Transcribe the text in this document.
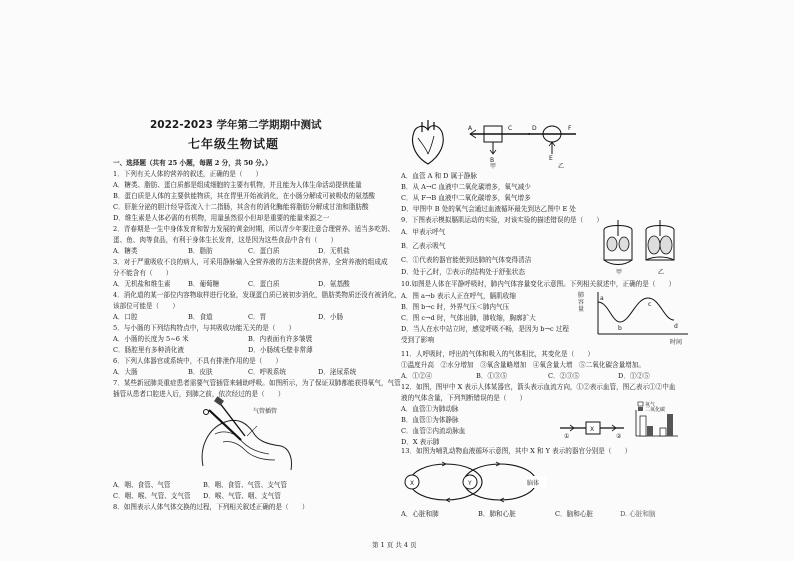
2022-2023 学年第二学期期中测试
七年级生物试题
一、选择题（共有 25 小题，每题 2 分，共 50 分。）
1．下列有关人体的营养的叙述，正确的是（　　）
A．糖类、脂肪、蛋白质都是组成细胞的主要有机物，并且能为人体生命活动提供能量
B．蛋白质是人体的主要供能物质，其在胃里开始被消化，在小肠分解成可被吸收的氨基酸
C．肝脏分泌的胆汁经导管流入十二指肠，其含有的消化酶能将脂肪分解成甘油和脂肪酸
D．维生素是人体必需的有机物，用量虽然很小但却是重要的能量来源之一
2．青春期是一生中身体发育和智力发展的黄金时期，所以青少年要注意合理营养。适当多吃奶、
蛋、鱼、肉等食品，有利于身体生长发育，这是因为这些食品中含有（　　）
A．糖类	B．脂肪	C．蛋白质	D．无机盐
3．对于严重吸收不良的病人，可采用静脉输入全营养液的方法来提供营养，全营养液的组成成
分不能含有（　　）
A．无机盐和维生素	B．葡萄糖	C．蛋白质	D．氨基酸
4．消化道的某一部位内容物取样进行化验，发现蛋白质已被初步消化，脂肪类物质还没有被消化，
该部位可能是（　　）
A．口腔	B．食道	C．胃	D．小肠
5．与小肠的下列结构特点中，与其吸收功能无关的是（　　）
A．小肠的长度为 5~6 米	B．内表面有许多皱襞
C．肠腔里有多种消化液	D．小肠绒毛壁非常薄
6．下列人体器官或系统中，不具有排泄作用的是（　　）
A．大肠	B．皮肤	C．呼吸系统	D．泌尿系统
7．某些新冠肺炎重症患者需要气管插管来辅助呼吸。如图所示，为了保证双肺都能获得氧气，气管
插管从患者口腔进入后，到肺之前，依次经过的是（　　）
气管插管
A．咽、食管、气管	B．咽、食管、气管、支气管
C．咽、喉、气管、支气管 D．喉、气管、咽、支气管
8．如图表示人体气体交换的过程，下列相关叙述正确的是（　　）
A	C
B
D	F
E
甲	乙
A．血管 A 和 D 属于静脉
B．从 A→C 血液中二氧化碳增多，氧气减少
C．从 F→B 血液中二氧化碳增多，氧气增多
D．甲图中 B 处的氧气会通过血液循环最先到达乙图中 E 处
9．下图表示模拟膈肌运动的实验，对该实验的描述错误的是（　　）
甲	乙
A．甲表示呼气
B．乙表示吸气
C．①代表的器官能使到达肺的气体变得清洁
D．处于乙时，②表示的结构处于舒张状态
10.如图是人体在平静呼吸时，肺内气体容量变化示意图。下列相关叙述中，正确的是（　　）
a
b
c
d
时间
肺容量
A．图 a→b 表示人正在呼气，膈肌收缩
B．图 b→c 时，外界气压＜肺内气压
C．图 c→d 时，气体出肺，肺收缩，胸廓扩大
D．当人在水中站立时，感觉呼吸不畅，是因为 b→c 过程
受到了影响
11．人呼吸时，呼出的气体和吸入的气体相比，其变化是（　　）
①温度升高　②水分增加　③氧含量略增加　④氧含量大增　⑤二氧化碳含量增加。
A．①②④	B．①③⑤	C．②③⑤	D．①②⑤
12．如图，图甲中 X 表示人体某器官，箭头表示血流方向，①②表示血管，图乙表示①②中血
液的气体含量，下列判断错误的是（　　）
X
①	②
氧气
二氧化碳
A．血管①为肺动脉
B．血管①为体静脉
C．血管②内流动脉血
D．X 表示肺
13．如图为哺乳动物血液循环示意图，其中 X 和 Y 表示的器官分别是（　　）
X	Y	脑体
A．心脏和肺	B．肺和心脏	C．脑和心脏	D. 心脏和脑
第 1 页 共 4 页
